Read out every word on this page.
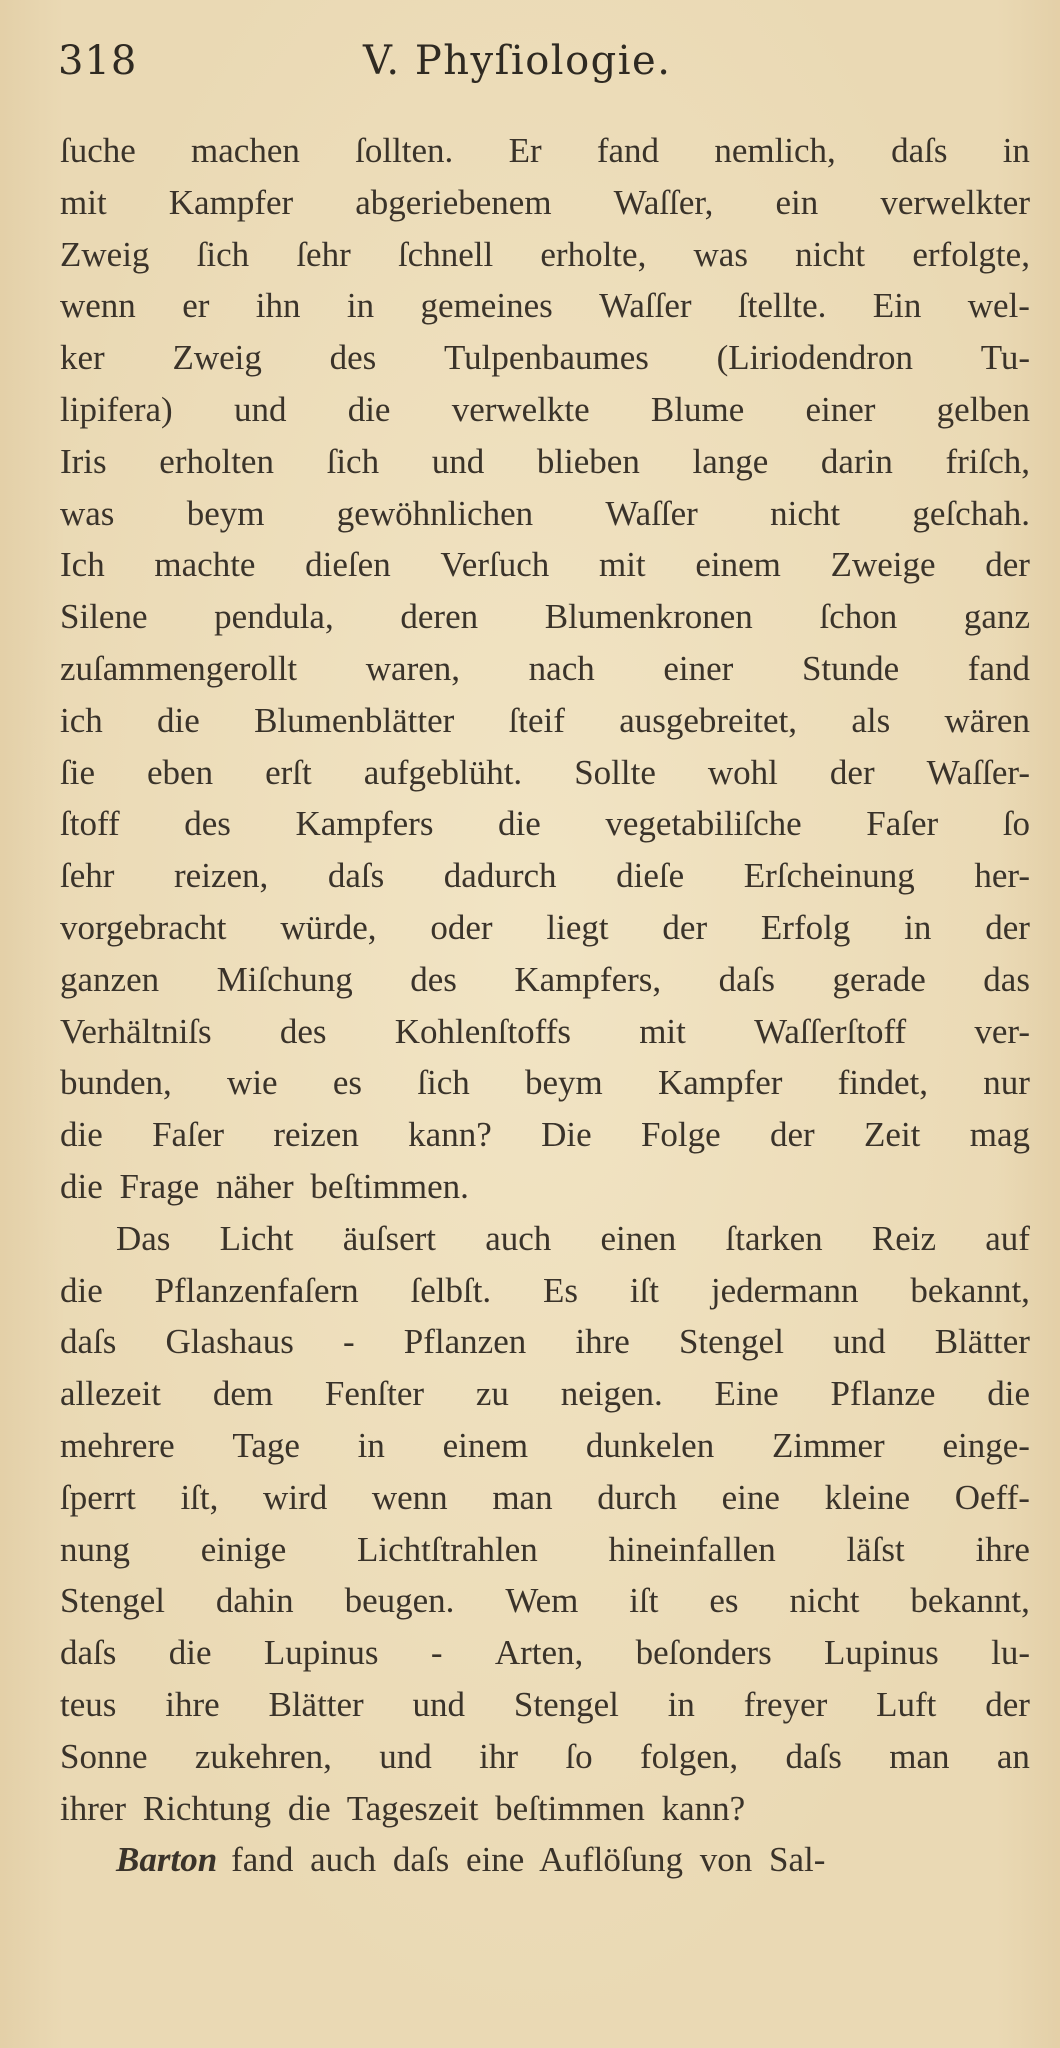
318	V. Phyſiologie.
ſuche machen ſollten. Er fand nemlich, daſs in
mit Kampfer abgeriebenem Waſſer, ein verwelkter
Zweig ſich ſehr ſchnell erholte, was nicht erfolgte,
wenn er ihn in gemeines Waſſer ſtellte. Ein wel-
ker Zweig des Tulpenbaumes (Liriodendron Tu-
lipifera) und die verwelkte Blume einer gelben
Iris erholten ſich und blieben lange darin friſch,
was beym gewöhnlichen Waſſer nicht geſchah.
Ich machte dieſen Verſuch mit einem Zweige der
Silene pendula, deren Blumenkronen ſchon ganz
zuſammengerollt waren, nach einer Stunde fand
ich die Blumenblätter ſteif ausgebreitet, als wären
ſie eben erſt aufgeblüht. Sollte wohl der Waſſer-
ſtoff des Kampfers die vegetabiliſche Faſer ſo
ſehr reizen, daſs dadurch dieſe Erſcheinung her-
vorgebracht würde, oder liegt der Erfolg in der
ganzen Miſchung des Kampfers, daſs gerade das
Verhältniſs des Kohlenſtoffs mit Waſſerſtoff ver-
bunden, wie es ſich beym Kampfer findet, nur
die Faſer reizen kann? Die Folge der Zeit mag
die Frage näher beſtimmen.
Das Licht äuſsert auch einen ſtarken Reiz auf
die Pflanzenfaſern ſelbſt. Es iſt jedermann bekannt,
daſs Glashaus - Pflanzen ihre Stengel und Blätter
allezeit dem Fenſter zu neigen. Eine Pflanze die
mehrere Tage in einem dunkelen Zimmer einge-
ſperrt iſt, wird wenn man durch eine kleine Oeff-
nung einige Lichtſtrahlen hineinfallen läſst ihre
Stengel dahin beugen. Wem iſt es nicht bekannt,
daſs die Lupinus - Arten, beſonders Lupinus lu-
teus ihre Blätter und Stengel in freyer Luft der
Sonne zukehren, und ihr ſo folgen, daſs man an
ihrer Richtung die Tageszeit beſtimmen kann?
Barton fand auch daſs eine Auflöſung von Sal-
